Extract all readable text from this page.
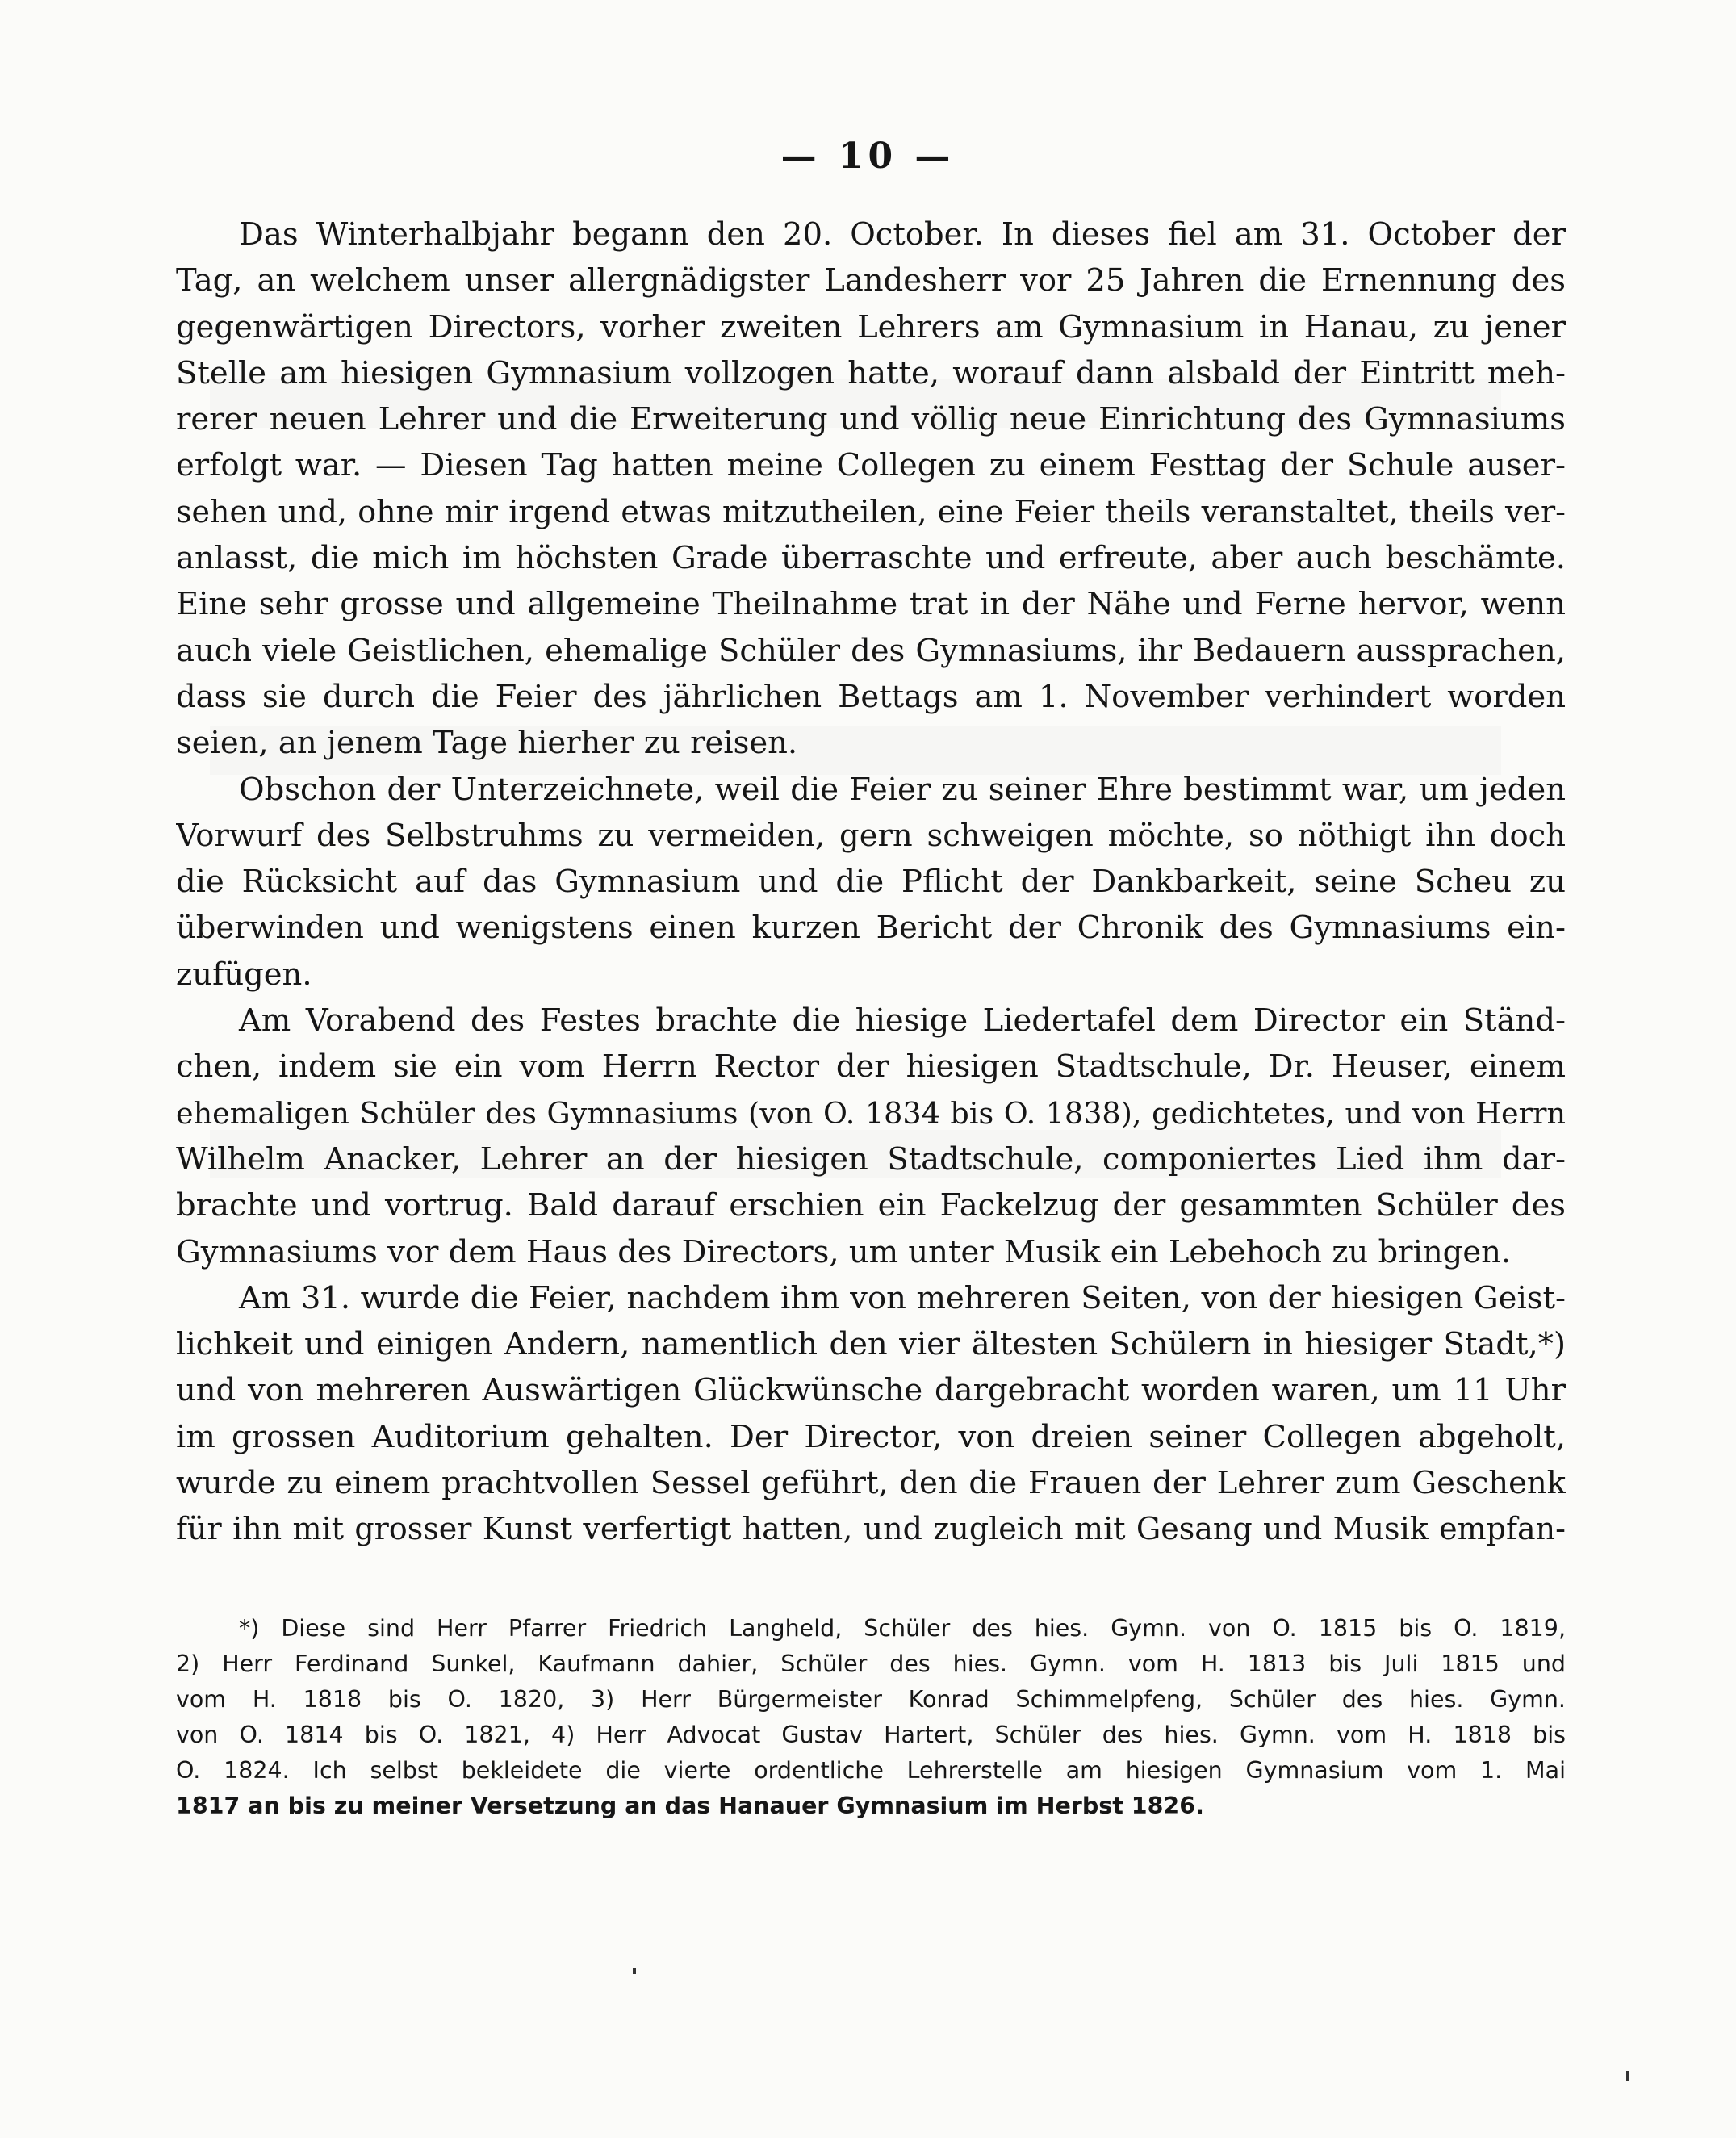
— 10 —
Das Winterhalbjahr begann den 20. October. In dieses fiel am 31. October der
Tag, an welchem unser allergnädigster Landesherr vor 25 Jahren die Ernennung des
gegenwärtigen Directors, vorher zweiten Lehrers am Gymnasium in Hanau, zu jener
Stelle am hiesigen Gymnasium vollzogen hatte, worauf dann alsbald der Eintritt meh-
rerer neuen Lehrer und die Erweiterung und völlig neue Einrichtung des Gymnasiums
erfolgt war. — Diesen Tag hatten meine Collegen zu einem Festtag der Schule auser-
sehen und, ohne mir irgend etwas mitzutheilen, eine Feier theils veranstaltet, theils ver-
anlasst, die mich im höchsten Grade überraschte und erfreute, aber auch beschämte.
Eine sehr grosse und allgemeine Theilnahme trat in der Nähe und Ferne hervor, wenn
auch viele Geistlichen, ehemalige Schüler des Gymnasiums, ihr Bedauern aussprachen,
dass sie durch die Feier des jährlichen Bettags am 1. November verhindert worden
seien, an jenem Tage hierher zu reisen.
Obschon der Unterzeichnete, weil die Feier zu seiner Ehre bestimmt war, um jeden
Vorwurf des Selbstruhms zu vermeiden, gern schweigen möchte, so nöthigt ihn doch
die Rücksicht auf das Gymnasium und die Pflicht der Dankbarkeit, seine Scheu zu
überwinden und wenigstens einen kurzen Bericht der Chronik des Gymnasiums ein-
zufügen.
Am Vorabend des Festes brachte die hiesige Liedertafel dem Director ein Ständ-
chen, indem sie ein vom Herrn Rector der hiesigen Stadtschule, Dr. Heuser, einem
ehemaligen Schüler des Gymnasiums (von O. 1834 bis O. 1838), gedichtetes, und von Herrn
Wilhelm Anacker, Lehrer an der hiesigen Stadtschule, componiertes Lied ihm dar-
brachte und vortrug. Bald darauf erschien ein Fackelzug der gesammten Schüler des
Gymnasiums vor dem Haus des Directors, um unter Musik ein Lebehoch zu bringen.
Am 31. wurde die Feier, nachdem ihm von mehreren Seiten, von der hiesigen Geist-
lichkeit und einigen Andern, namentlich den vier ältesten Schülern in hiesiger Stadt,*)
und von mehreren Auswärtigen Glückwünsche dargebracht worden waren, um 11 Uhr
im grossen Auditorium gehalten. Der Director, von dreien seiner Collegen abgeholt,
wurde zu einem prachtvollen Sessel geführt, den die Frauen der Lehrer zum Geschenk
für ihn mit grosser Kunst verfertigt hatten, und zugleich mit Gesang und Musik empfan-
*) Diese sind Herr Pfarrer Friedrich Langheld, Schüler des hies. Gymn. von O. 1815 bis O. 1819,
2) Herr Ferdinand Sunkel, Kaufmann dahier, Schüler des hies. Gymn. vom H. 1813 bis Juli 1815 und
vom H. 1818 bis O. 1820, 3) Herr Bürgermeister Konrad Schimmelpfeng, Schüler des hies. Gymn.
von O. 1814 bis O. 1821, 4) Herr Advocat Gustav Hartert, Schüler des hies. Gymn. vom H. 1818 bis
O. 1824. Ich selbst bekleidete die vierte ordentliche Lehrerstelle am hiesigen Gymnasium vom 1. Mai
1817 an bis zu meiner Versetzung an das Hanauer Gymnasium im Herbst 1826.
